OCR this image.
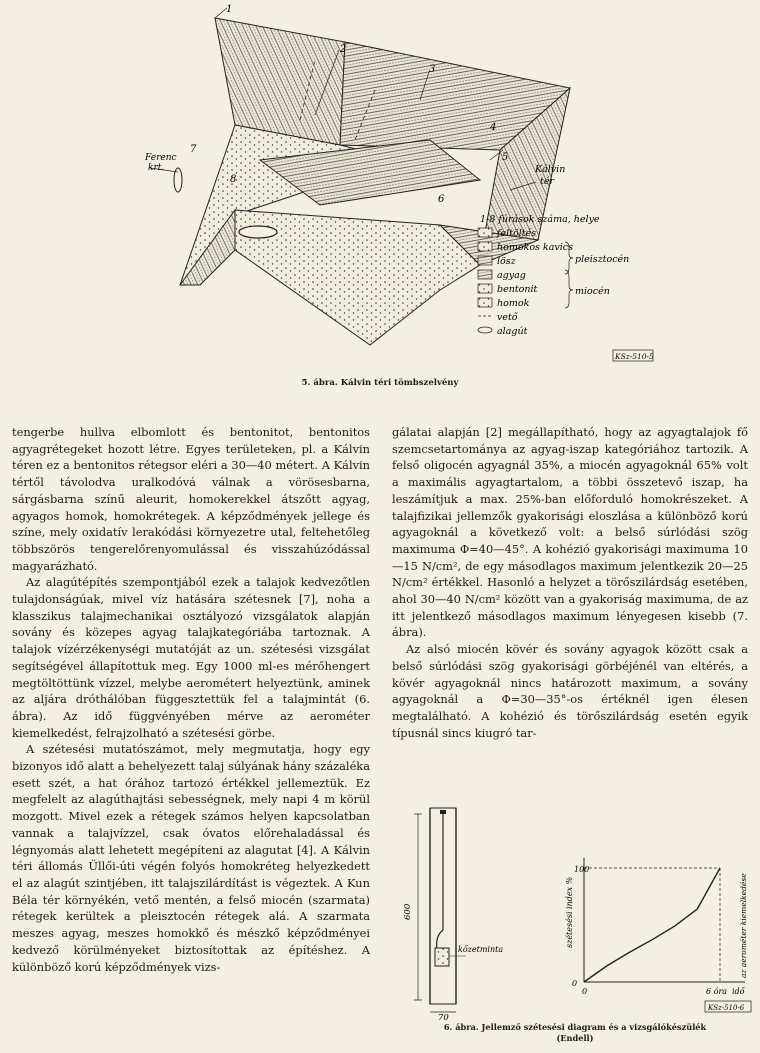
1
2
3
4
5
6
7
8
Ferenc
krt.	Kálvin
tér
1-8 fúrások száma, helye
feltöltés
homokos kavics
lösz
agyag
bentonit
homok
vető
alagút
pleisztocén
miocén
KSz-510-5
5. ábra. Kálvin téri tömbszelvény

tengerbe hullva elbomlott és bentonitot, bentonitos agyagrétegeket hozott létre. Egyes területeken, pl. a Kálvin téren ez a bentonitos rétegsor eléri a 30—40 métert. A Kálvin tértől távolodva uralkodóvá válnak a vörösesbarna, sárgásbarna színű aleurit, homokerekkel átszőtt agyag, agyagos homok, homokrétegek. A képződmények jellege és színe, mely oxidatív lerakódási környezetre utal, feltehetőleg többszörös tengerelőrenyomulással és visszahúzódással magyarázható.

Az alagútépítés szempontjából ezek a talajok kedvezőtlen tulajdonságúak, mivel víz hatására szétesnek [7], noha a klasszikus talajmechanikai osztályozó vizsgálatok alapján sovány és közepes agyag talajkategóriába tartoznak. A talajok vízérzékenységi mutatóját az un. szétesési vizsgálat segítségével állapítottuk meg. Egy 1000 ml-es mérőhengert megtöltöttünk vízzel, melybe aerométert helyeztünk, aminek az aljára dróthálóban függesztettük fel a talajmintát (6. ábra). Az idő függvényében mérve az aerométer kiemelkedést, felrajzolható a szétesési görbe.

A szétesési mutatószámot, mely megmutatja, hogy egy bizonyos idő alatt a behelyezett talaj súlyának hány százaléka esett szét, a hat órához tartozó értékkel jellemeztük. Ez megfelelt az alagúthajtási sebességnek, mely napi 4 m körül mozgott. Mivel ezek a rétegek számos helyen kapcsolatban vannak a talajvízzel, csak óvatos előrehaladással és légnyomás alatt lehetett megépíteni az alagutat [4]. A Kálvin téri állomás Üllői-úti végén folyós homokréteg helyezkedett el az alagút szintjében, itt talajszilárdítást is végeztek. A Kun Béla tér környékén, vető mentén, a felső miocén (szarmata) rétegek kerültek a pleisztocén rétegek alá. A szarmata meszes agyag, meszes homokkő és mészkő képződményei kedvező körülményeket biztosítottak az építéshez. A különböző korú képződmények vizs-

gálatai alapján [2] megállapítható, hogy az agyagtalajok fő szemcsetartománya az agyag-iszap kategóriához tartozik. A felső oligocén agyagnál 35%, a miocén agyagoknál 65% volt a maximális agyagtartalom, a többi összetevő iszap, ha leszámítjuk a max. 25%-ban előforduló homokrészeket. A talajfizikai jellemzők gyakorisági eloszlása a különböző korú agyagoknál a következő volt: a belső súrlódási szög maximuma Φ=40—45°. A kohézió gyakorisági maximuma 10—15 N/cm², de egy másodlagos maximum jelentkezik 20—25 N/cm² értékkel. Hasonló a helyzet a törőszilárdság esetében, ahol 30—40 N/cm² között van a gyakoriság maximuma, de az itt jelentkező másodlagos maximum lényegesen kisebb (7. ábra).

Az alsó miocén kövér és sovány agyagok között csak a belső súrlódási szög gyakorisági görbéjénél van eltérés, a kövér agyagoknál nincs határozott maximum, a sovány agyagoknál a Φ=30—35°-os értéknél igen élesen megtalálható. A kohézió és törőszilárdság esetén egyik típusnál sincs kiugró tar-

600
70
kőzetminta
szétesési index %	az aerométer kiemelkedése
0
100
0	6 óra idő
KSz-510-6
6. ábra. Jellemző szétesési diagram és a vizsgálókészülék
(Endell)
